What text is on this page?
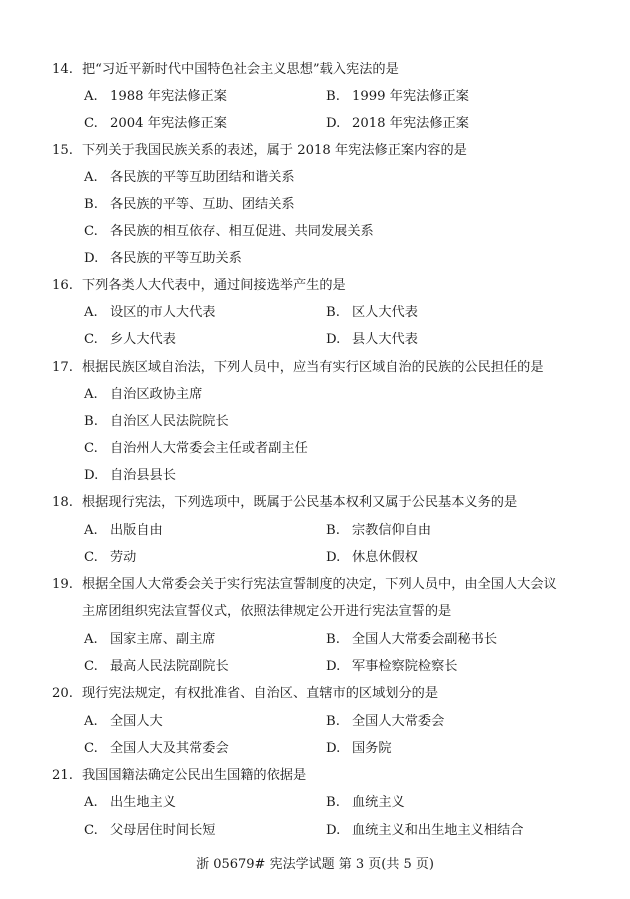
14. 把“习近平新时代中国特色社会主义思想”载入宪法的是
A. 1988 年宪法修正案	B. 1999 年宪法修正案
C. 2004 年宪法修正案	D. 2018 年宪法修正案
15. 下列关于我国民族关系的表述，属于 2018 年宪法修正案内容的是
A. 各民族的平等互助团结和谐关系
B. 各民族的平等、互助、团结关系
C. 各民族的相互依存、相互促进、共同发展关系
D. 各民族的平等互助关系
16. 下列各类人大代表中，通过间接选举产生的是
A. 设区的市人大代表	B. 区人大代表
C. 乡人大代表	D. 县人大代表
17. 根据民族区域自治法，下列人员中，应当有实行区域自治的民族的公民担任的是
A. 自治区政协主席
B. 自治区人民法院院长
C. 自治州人大常委会主任或者副主任
D. 自治县县长
18. 根据现行宪法，下列选项中，既属于公民基本权利又属于公民基本义务的是
A. 出版自由	B. 宗教信仰自由
C. 劳动	D. 休息休假权
19. 根据全国人大常委会关于实行宪法宣誓制度的决定，下列人员中，由全国人大会议
主席团组织宪法宣誓仪式，依照法律规定公开进行宪法宣誓的是
A. 国家主席、副主席	B. 全国人大常委会副秘书长
C. 最高人民法院副院长	D. 军事检察院检察长
20. 现行宪法规定，有权批准省、自治区、直辖市的区域划分的是
A. 全国人大	B. 全国人大常委会
C. 全国人大及其常委会	D. 国务院
21. 我国国籍法确定公民出生国籍的依据是
A. 出生地主义	B. 血统主义
C. 父母居住时间长短	D. 血统主义和出生地主义相结合
浙 05679# 宪法学试题 第 3 页(共 5 页)
